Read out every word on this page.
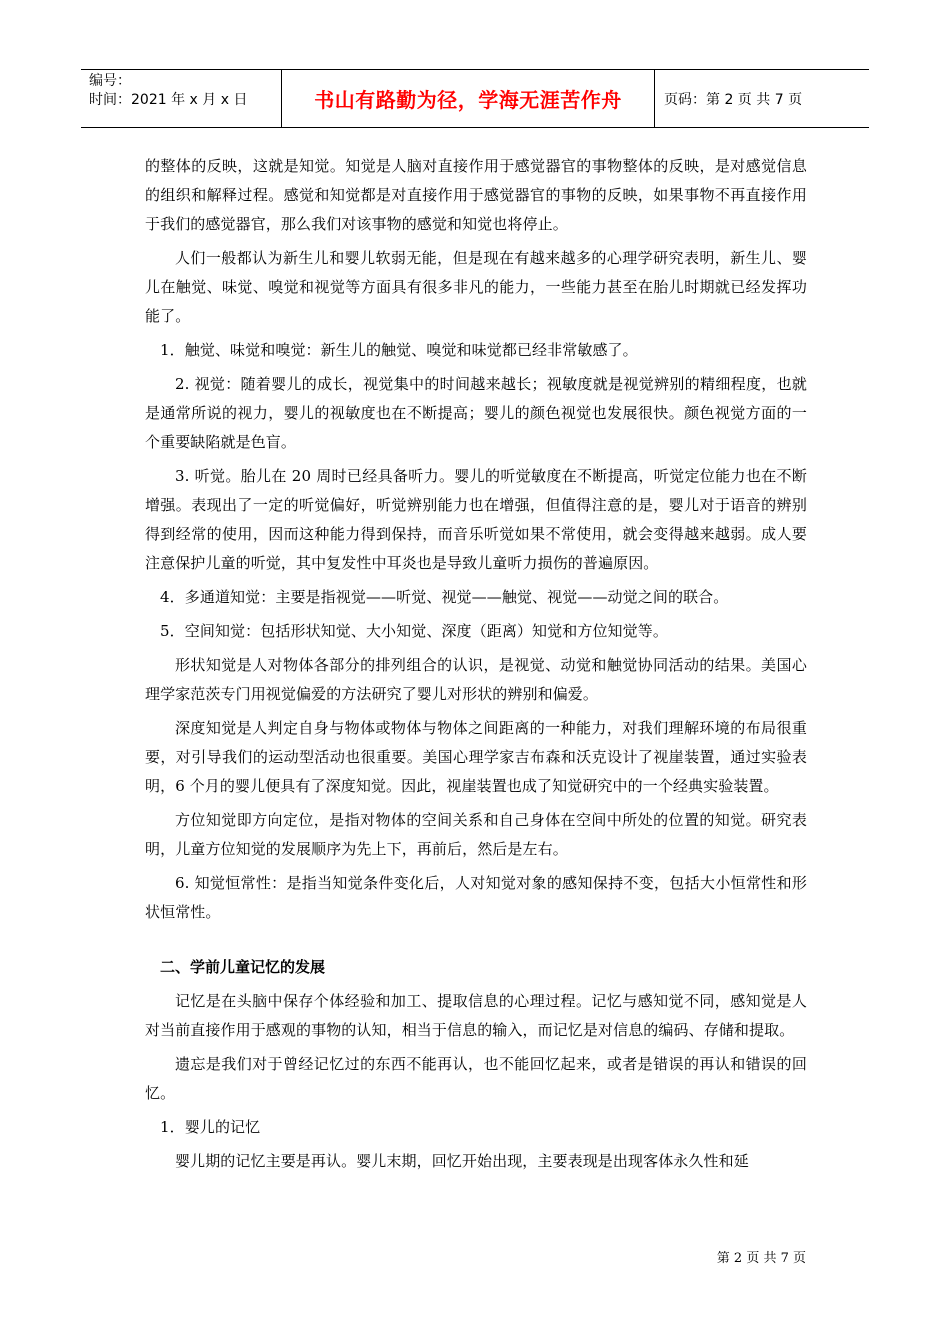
编号：
时间：2021 年 x 月 x 日	书山有路勤为径，学海无涯苦作舟	页码：第 2 页 共 7 页

的整体的反映，这就是知觉。知觉是人脑对直接作用于感觉器官的事物整体的反映，是对感觉信息的组织和解释过程。感觉和知觉都是对直接作用于感觉器官的事物的反映，如果事物不再直接作用于我们的感觉器官，那么我们对该事物的感觉和知觉也将停止。

人们一般都认为新生儿和婴儿软弱无能，但是现在有越来越多的心理学研究表明，新生儿、婴儿在触觉、味觉、嗅觉和视觉等方面具有很多非凡的能力，一些能力甚至在胎儿时期就已经发挥功能了。

1．触觉、味觉和嗅觉：新生儿的触觉、嗅觉和味觉都已经非常敏感了。

2. 视觉：随着婴儿的成长，视觉集中的时间越来越长；视敏度就是视觉辨别的精细程度，也就是通常所说的视力，婴儿的视敏度也在不断提高；婴儿的颜色视觉也发展很快。颜色视觉方面的一个重要缺陷就是色盲。

3. 听觉。胎儿在 20 周时已经具备听力。婴儿的听觉敏度在不断提高，听觉定位能力也在不断增强。表现出了一定的听觉偏好，听觉辨别能力也在增强，但值得注意的是，婴儿对于语音的辨别得到经常的使用，因而这种能力得到保持，而音乐听觉如果不常使用，就会变得越来越弱。成人要注意保护儿童的听觉，其中复发性中耳炎也是导致儿童听力损伤的普遍原因。

4．多通道知觉：主要是指视觉——听觉、视觉——触觉、视觉——动觉之间的联合。

5．空间知觉：包括形状知觉、大小知觉、深度（距离）知觉和方位知觉等。

形状知觉是人对物体各部分的排列组合的认识，是视觉、动觉和触觉协同活动的结果。美国心理学家范茨专门用视觉偏爱的方法研究了婴儿对形状的辨别和偏爱。

深度知觉是人判定自身与物体或物体与物体之间距离的一种能力，对我们理解环境的布局很重要，对引导我们的运动型活动也很重要。美国心理学家吉布森和沃克设计了视崖装置，通过实验表明，6 个月的婴儿便具有了深度知觉。因此，视崖装置也成了知觉研究中的一个经典实验装置。

方位知觉即方向定位，是指对物体的空间关系和自己身体在空间中所处的位置的知觉。研究表明，儿童方位知觉的发展顺序为先上下，再前后，然后是左右。

6. 知觉恒常性：是指当知觉条件变化后，人对知觉对象的感知保持不变，包括大小恒常性和形状恒常性。

二、学前儿童记忆的发展

记忆是在头脑中保存个体经验和加工、提取信息的心理过程。记忆与感知觉不同，感知觉是人对当前直接作用于感观的事物的认知，相当于信息的输入，而记忆是对信息的编码、存储和提取。

遗忘是我们对于曾经记忆过的东西不能再认，也不能回忆起来，或者是错误的再认和错误的回忆。

1．婴儿的记忆

婴儿期的记忆主要是再认。婴儿末期，回忆开始出现，主要表现是出现客体永久性和延

第 2 页 共 7 页
